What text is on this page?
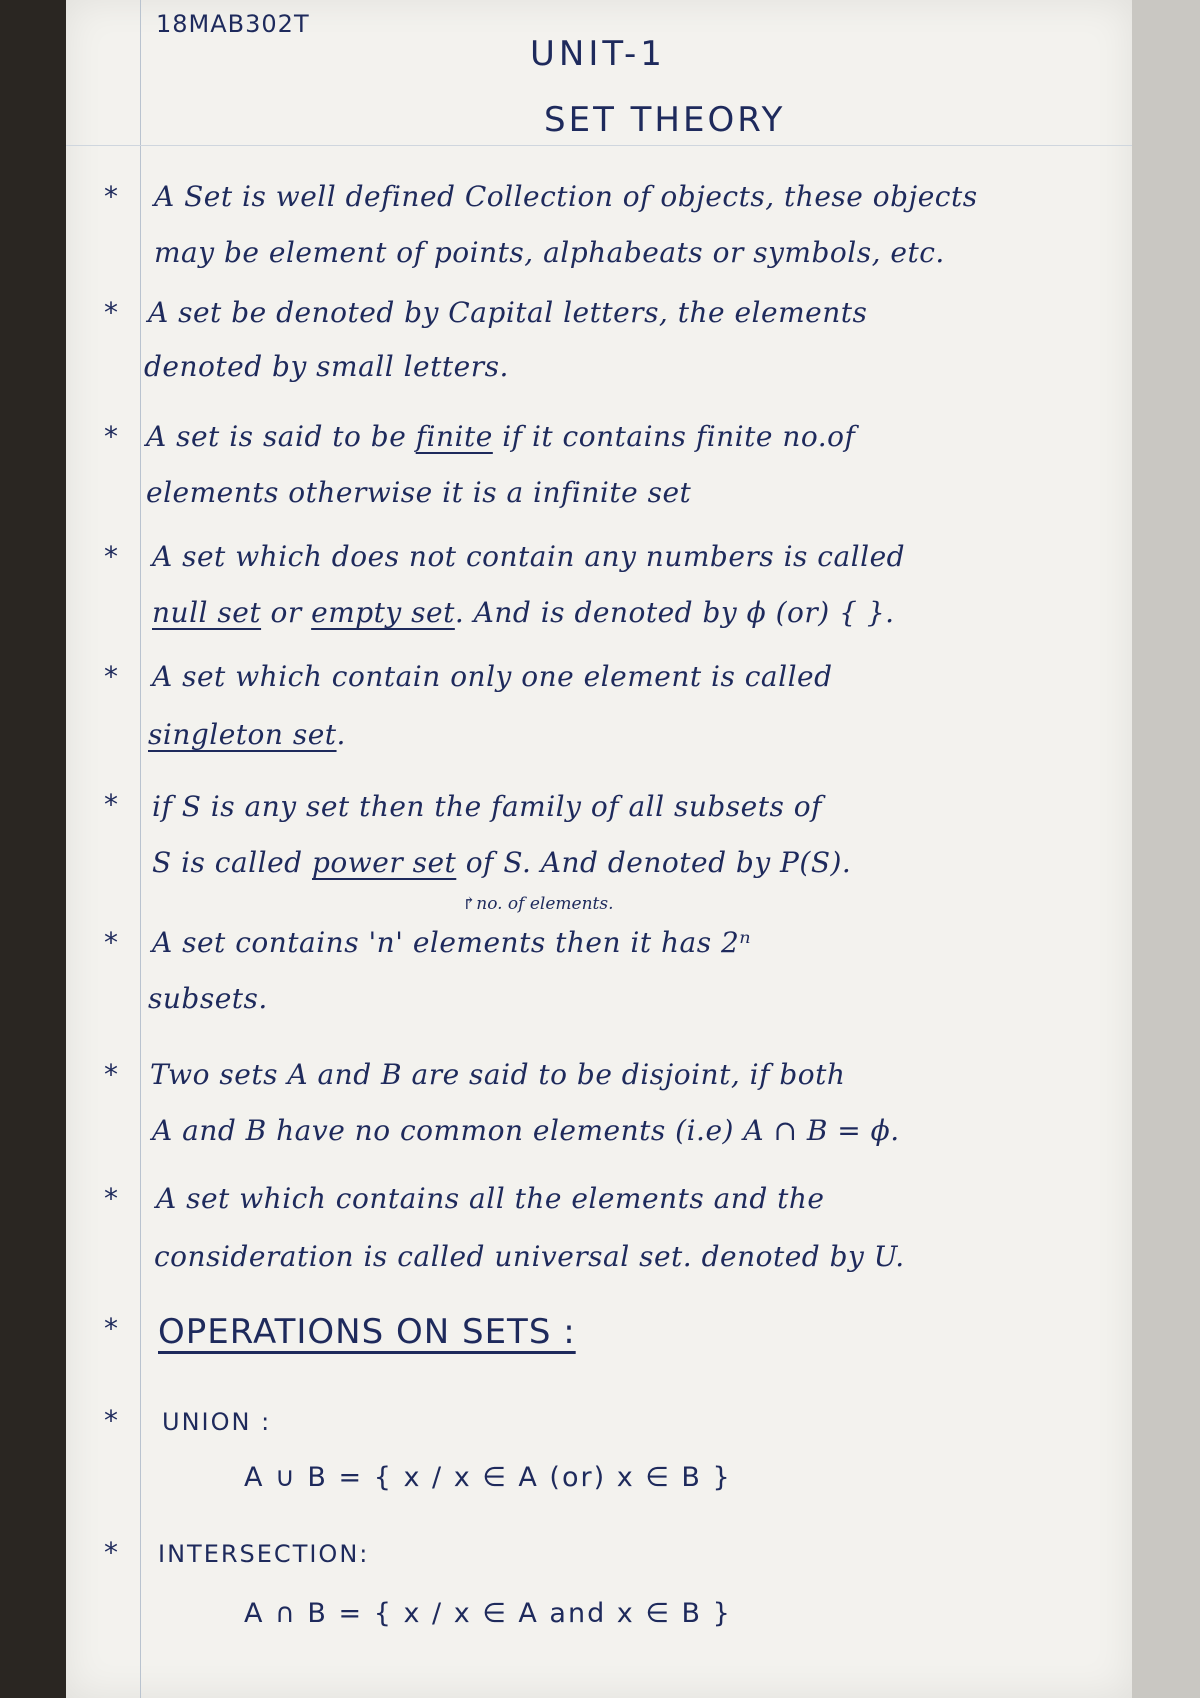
18MAB302T
UNIT-1
SET THEORY
* A Set is well defined Collection of objects, these objects
may be element of points, alphabeats or symbols, etc.
* A set be denoted by Capital letters, the elements
denoted by small letters.
* A set is said to be finite if it contains finite no.of
elements otherwise it is a infinite set
* A set which does not contain any numbers is called
null set or empty set. And is denoted by ϕ (or) { }.
* A set which contain only one element is called
singleton set.
* if S is any set then the family of all subsets of
S is called power set of S. And denoted by P(S).
↱no. of elements.
* A set contains 'n' elements then it has 2ⁿ
subsets.
* Two sets A and B are said to be disjoint, if both
A and B have no common elements (i.e) A ∩ B = ϕ.
* A set which contains all the elements and the
consideration is called universal set. denoted by U.
* OPERATIONS ON SETS :
* UNION :
A ∪ B = { x / x ∈ A (or) x ∈ B }
* INTERSECTION:
A ∩ B = { x / x ∈ A and x ∈ B }
